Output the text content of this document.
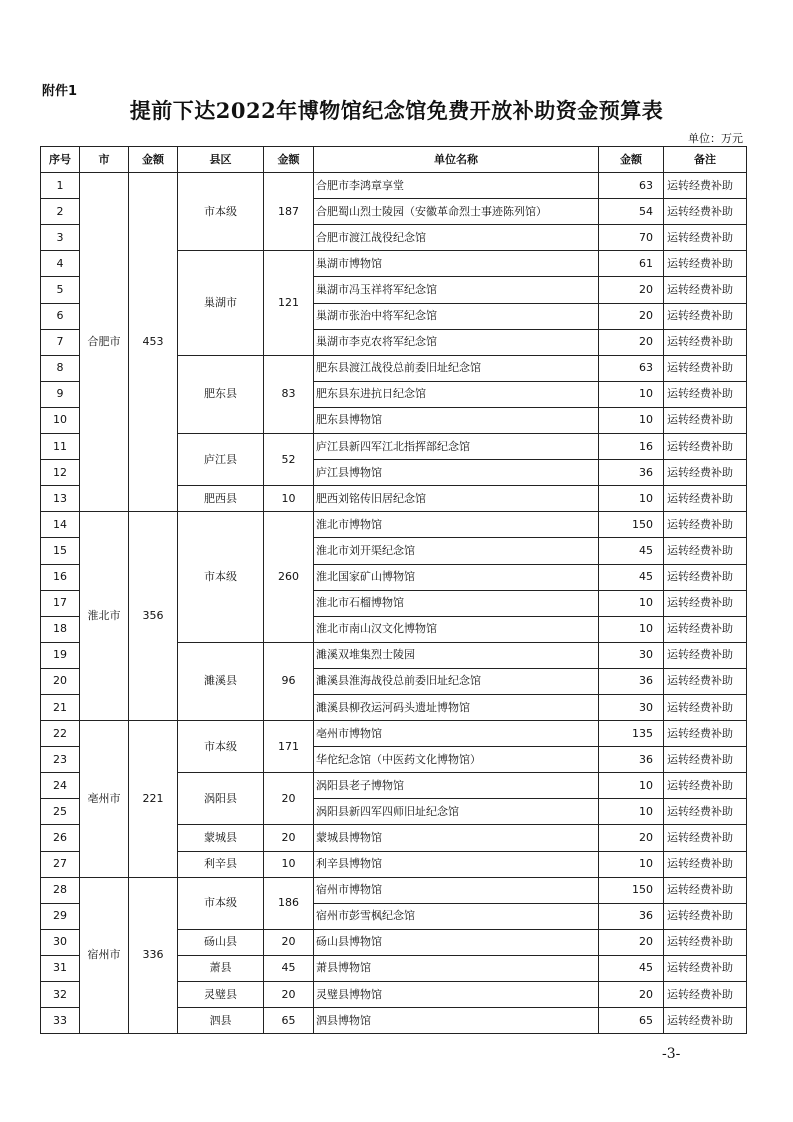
附件1
提前下达2022年博物馆纪念馆免费开放补助资金预算表
单位：万元
序号	市	金额	县区	金额	单位名称	金额	备注
1	合肥市	453	市本级	187	合肥市李鸿章享堂	63	运转经费补助
2					合肥蜀山烈士陵园（安徽革命烈士事迹陈列馆）	54	运转经费补助
3					合肥市渡江战役纪念馆	70	运转经费补助
4			巢湖市	121	巢湖市博物馆	61	运转经费补助
5					巢湖市冯玉祥将军纪念馆	20	运转经费补助
6					巢湖市张治中将军纪念馆	20	运转经费补助
7					巢湖市李克农将军纪念馆	20	运转经费补助
8			肥东县	83	肥东县渡江战役总前委旧址纪念馆	63	运转经费补助
9					肥东县东进抗日纪念馆	10	运转经费补助
10					肥东县博物馆	10	运转经费补助
11			庐江县	52	庐江县新四军江北指挥部纪念馆	16	运转经费补助
12					庐江县博物馆	36	运转经费补助
13			肥西县	10	肥西刘铭传旧居纪念馆	10	运转经费补助
14	淮北市	356	市本级	260	淮北市博物馆	150	运转经费补助
15					淮北市刘开渠纪念馆	45	运转经费补助
16					淮北国家矿山博物馆	45	运转经费补助
17					淮北市石榴博物馆	10	运转经费补助
18					淮北市南山汉文化博物馆	10	运转经费补助
19			濉溪县	96	濉溪双堆集烈士陵园	30	运转经费补助
20					濉溪县淮海战役总前委旧址纪念馆	36	运转经费补助
21					濉溪县柳孜运河码头遗址博物馆	30	运转经费补助
22	亳州市	221	市本级	171	亳州市博物馆	135	运转经费补助
23					华佗纪念馆（中医药文化博物馆）	36	运转经费补助
24			涡阳县	20	涡阳县老子博物馆	10	运转经费补助
25					涡阳县新四军四师旧址纪念馆	10	运转经费补助
26			蒙城县	20	蒙城县博物馆	20	运转经费补助
27			利辛县	10	利辛县博物馆	10	运转经费补助
28	宿州市	336	市本级	186	宿州市博物馆	150	运转经费补助
29					宿州市彭雪枫纪念馆	36	运转经费补助
30			砀山县	20	砀山县博物馆	20	运转经费补助
31			萧县	45	萧县博物馆	45	运转经费补助
32			灵璧县	20	灵璧县博物馆	20	运转经费补助
33			泗县	65	泗县博物馆	65	运转经费补助
-3-
